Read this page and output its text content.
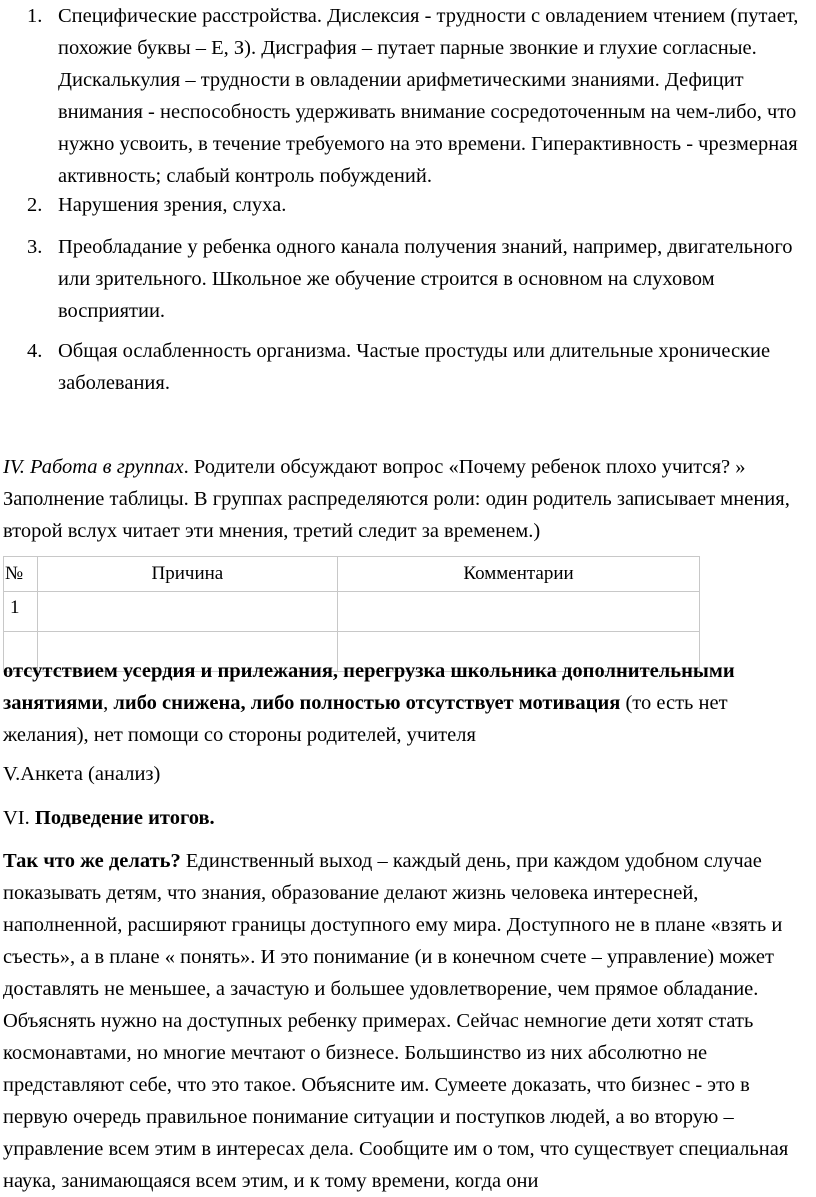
1. Специфические расстройства. Дислексия - трудности с овладением чтением (путает, похожие буквы – Е, З). Дисграфия – путает парные звонкие и глухие согласные. Дискалькулия – трудности в овладении арифметическими знаниями. Дефицит внимания - неспособность удерживать внимание сосредоточенным на чем-либо, что нужно усвоить, в течение требуемого на это времени. Гиперактивность - чрезмерная активность; слабый контроль побуждений.
2. Нарушения зрения, слуха.
3. Преобладание у ребенка одного канала получения знаний, например, двигательного или зрительного. Школьное же обучение строится в основном на слуховом восприятии.
4. Общая ослабленность организма. Частые простуды или длительные хронические заболевания.

IV. Работа в группах. Родители обсуждают вопрос «Почему ребенок плохо учится? » Заполнение таблицы. В группах распределяются роли: один родитель записывает мнения, второй вслух читает эти мнения, третий следит за временем.)

№	Причина	Комментарии
1		

отсутствием усердия и прилежания, перегрузка школьника дополнительными занятиями, либо снижена, либо полностью отсутствует мотивация (то есть нет желания), нет помощи со стороны родителей, учителя

V.Анкета (анализ)

VI. Подведение итогов.

Так что же делать? Единственный выход – каждый день, при каждом удобном случае показывать детям, что знания, образование делают жизнь человека интересней, наполненной, расширяют границы доступного ему мира. Доступного не в плане «взять и съесть», а в плане « понять». И это понимание (и в конечном счете – управление) может доставлять не меньшее, а зачастую и большее удовлетворение, чем прямое обладание. Объяснять нужно на доступных ребенку примерах. Сейчас немногие дети хотят стать космонавтами, но многие мечтают о бизнесе. Большинство из них абсолютно не представляют себе, что это такое. Объясните им. Сумеете доказать, что бизнес - это в первую очередь правильное понимание ситуации и поступков людей, а во вторую – управление всем этим в интересах дела. Сообщите им о том, что существует специальная наука, занимающаяся всем этим, и к тому времени, когда они
